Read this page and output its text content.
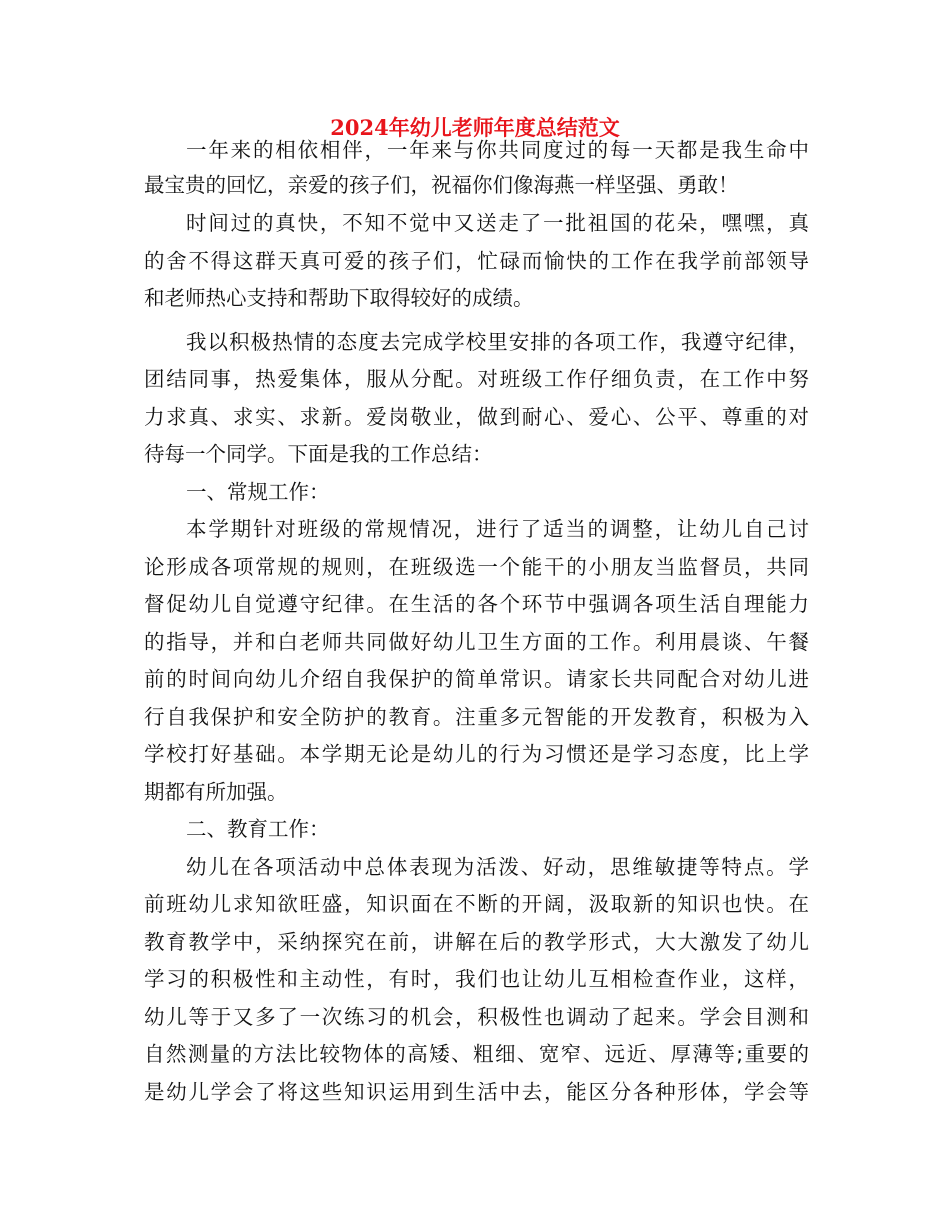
2024年幼儿老师年度总结范文
一年来的相依相伴，一年来与你共同度过的每一天都是我生命中
最宝贵的回忆，亲爱的孩子们，祝福你们像海燕一样坚强、勇敢！
时间过的真快，不知不觉中又送走了一批祖国的花朵，嘿嘿，真
的舍不得这群天真可爱的孩子们，忙碌而愉快的工作在我学前部领导
和老师热心支持和帮助下取得较好的成绩。
我以积极热情的态度去完成学校里安排的各项工作，我遵守纪律，
团结同事，热爱集体，服从分配。对班级工作仔细负责，在工作中努
力求真、求实、求新。爱岗敬业，做到耐心、爱心、公平、尊重的对
待每一个同学。下面是我的工作总结：
一、常规工作：
本学期针对班级的常规情况，进行了适当的调整，让幼儿自己讨
论形成各项常规的规则，在班级选一个能干的小朋友当监督员，共同
督促幼儿自觉遵守纪律。在生活的各个环节中强调各项生活自理能力
的指导，并和白老师共同做好幼儿卫生方面的工作。利用晨谈、午餐
前的时间向幼儿介绍自我保护的简单常识。请家长共同配合对幼儿进
行自我保护和安全防护的教育。注重多元智能的开发教育，积极为入
学校打好基础。本学期无论是幼儿的行为习惯还是学习态度，比上学
期都有所加强。
二、教育工作：
幼儿在各项活动中总体表现为活泼、好动，思维敏捷等特点。学
前班幼儿求知欲旺盛，知识面在不断的开阔，汲取新的知识也快。在
教育教学中，采纳探究在前，讲解在后的教学形式，大大激发了幼儿
学习的积极性和主动性，有时，我们也让幼儿互相检查作业，这样，
幼儿等于又多了一次练习的机会，积极性也调动了起来。学会目测和
自然测量的方法比较物体的高矮、粗细、宽窄、远近、厚薄等;重要的
是幼儿学会了将这些知识运用到生活中去，能区分各种形体，学会等
